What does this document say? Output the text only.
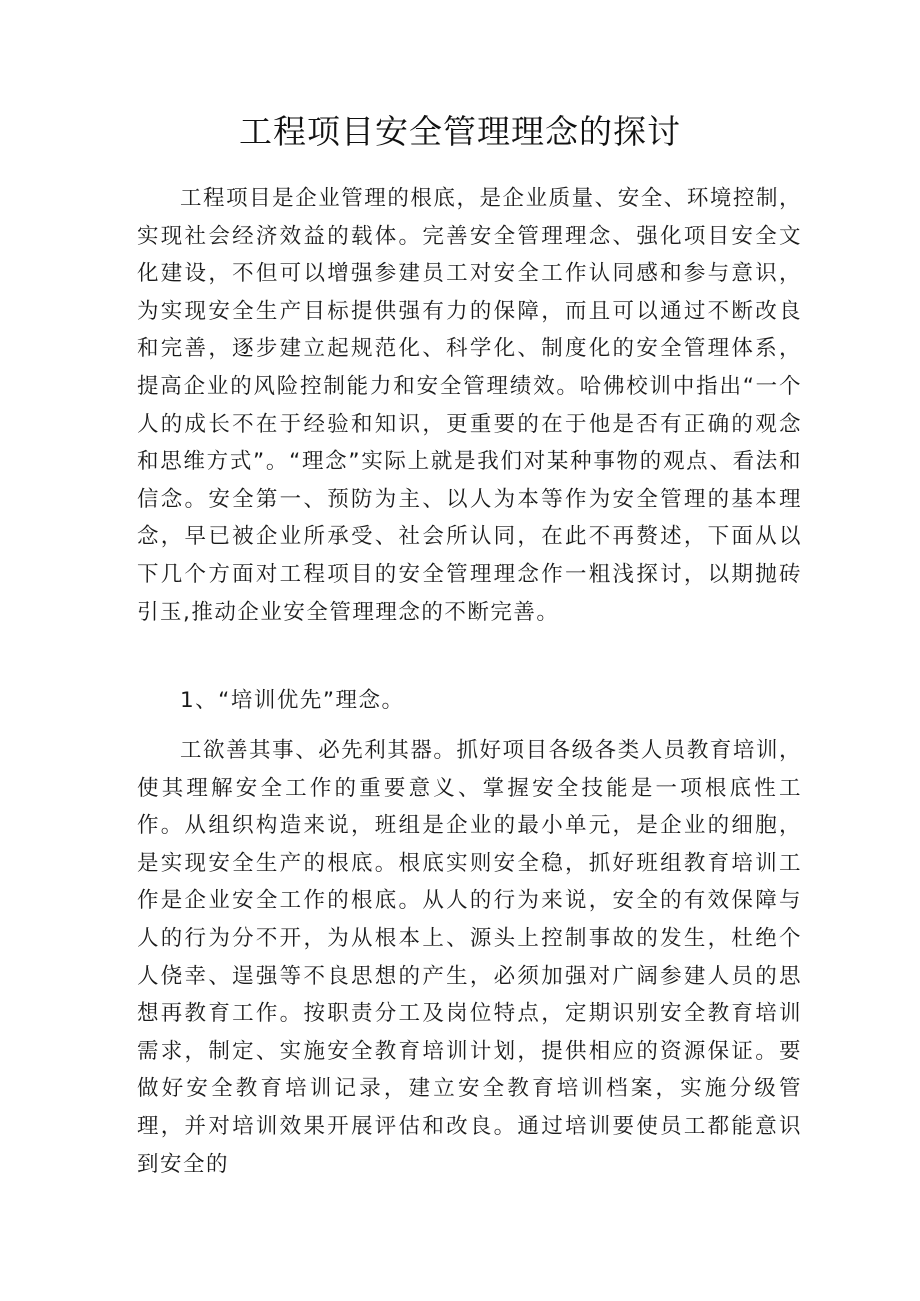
工程项目安全管理理念的探讨

工程项目是企业管理的根底，是企业质量、安全、环境控制，实现社会经济效益的载体。完善安全管理理念、强化项目安全文化建设，不但可以增强参建员工对安全工作认同感和参与意识，为实现安全生产目标提供强有力的保障，而且可以通过不断改良和完善，逐步建立起规范化、科学化、制度化的安全管理体系，提高企业的风险控制能力和安全管理绩效。哈佛校训中指出“一个人的成长不在于经验和知识，更重要的在于他是否有正确的观念和思维方式”。“理念”实际上就是我们对某种事物的观点、看法和信念。安全第一、预防为主、以人为本等作为安全管理的基本理念，早已被企业所承受、社会所认同，在此不再赘述，下面从以下几个方面对工程项目的安全管理理念作一粗浅探讨，以期抛砖引玉,推动企业安全管理理念的不断完善。

1、“培训优先”理念。

工欲善其事、必先利其器。抓好项目各级各类人员教育培训，使其理解安全工作的重要意义、掌握安全技能是一项根底性工作。从组织构造来说，班组是企业的最小单元，是企业的细胞，是实现安全生产的根底。根底实则安全稳，抓好班组教育培训工作是企业安全工作的根底。从人的行为来说，安全的有效保障与人的行为分不开，为从根本上、源头上控制事故的发生，杜绝个人侥幸、逞强等不良思想的产生，必须加强对广阔参建人员的思想再教育工作。按职责分工及岗位特点，定期识别安全教育培训需求，制定、实施安全教育培训计划，提供相应的资源保证。要做好安全教育培训记录，建立安全教育培训档案，实施分级管理，并对培训效果开展评估和改良。通过培训要使员工都能意识到安全的
